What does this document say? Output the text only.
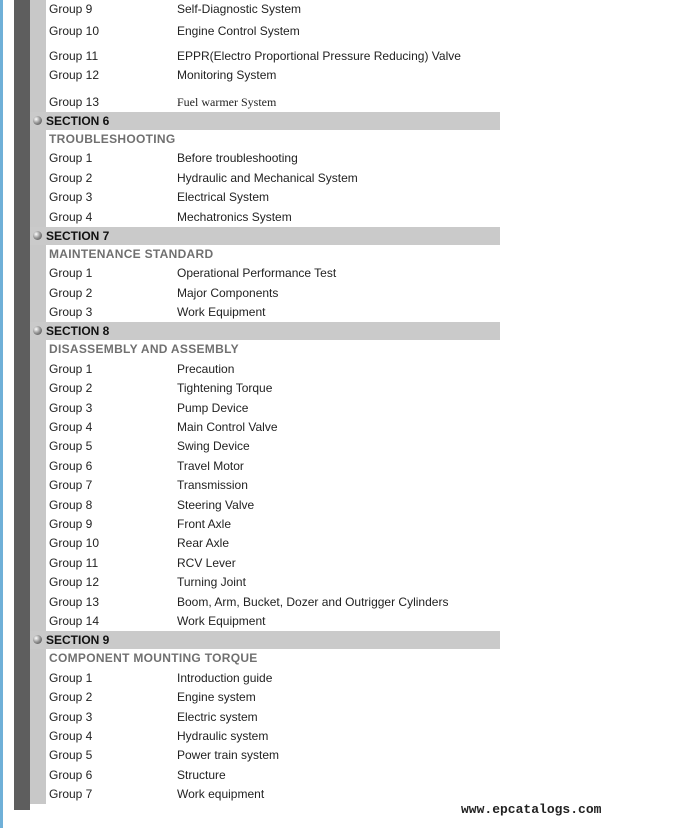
Group 9	Self-Diagnostic System
Group 10	Engine Control System
Group 11	EPPR(Electro Proportional Pressure Reducing) Valve
Group 12	Monitoring System
Group 13	Fuel warmer System
SECTION 6
TROUBLESHOOTING
Group 1	Before troubleshooting
Group 2	Hydraulic and Mechanical System
Group 3	Electrical System
Group 4	Mechatronics System
SECTION 7
MAINTENANCE STANDARD
Group 1	Operational Performance Test
Group 2	Major Components
Group 3	Work Equipment
SECTION 8
DISASSEMBLY AND ASSEMBLY
Group 1	Precaution
Group 2	Tightening Torque
Group 3	Pump Device
Group 4	Main Control Valve
Group 5	Swing Device
Group 6	Travel Motor
Group 7	Transmission
Group 8	Steering Valve
Group 9	Front Axle
Group 10	Rear Axle
Group 11	RCV Lever
Group 12	Turning Joint
Group 13	Boom, Arm, Bucket, Dozer and Outrigger Cylinders
Group 14	Work Equipment
SECTION 9
COMPONENT MOUNTING TORQUE
Group 1	Introduction guide
Group 2	Engine system
Group 3	Electric system
Group 4	Hydraulic system
Group 5	Power train system
Group 6	Structure
Group 7	Work equipment
www.epcatalogs.com
